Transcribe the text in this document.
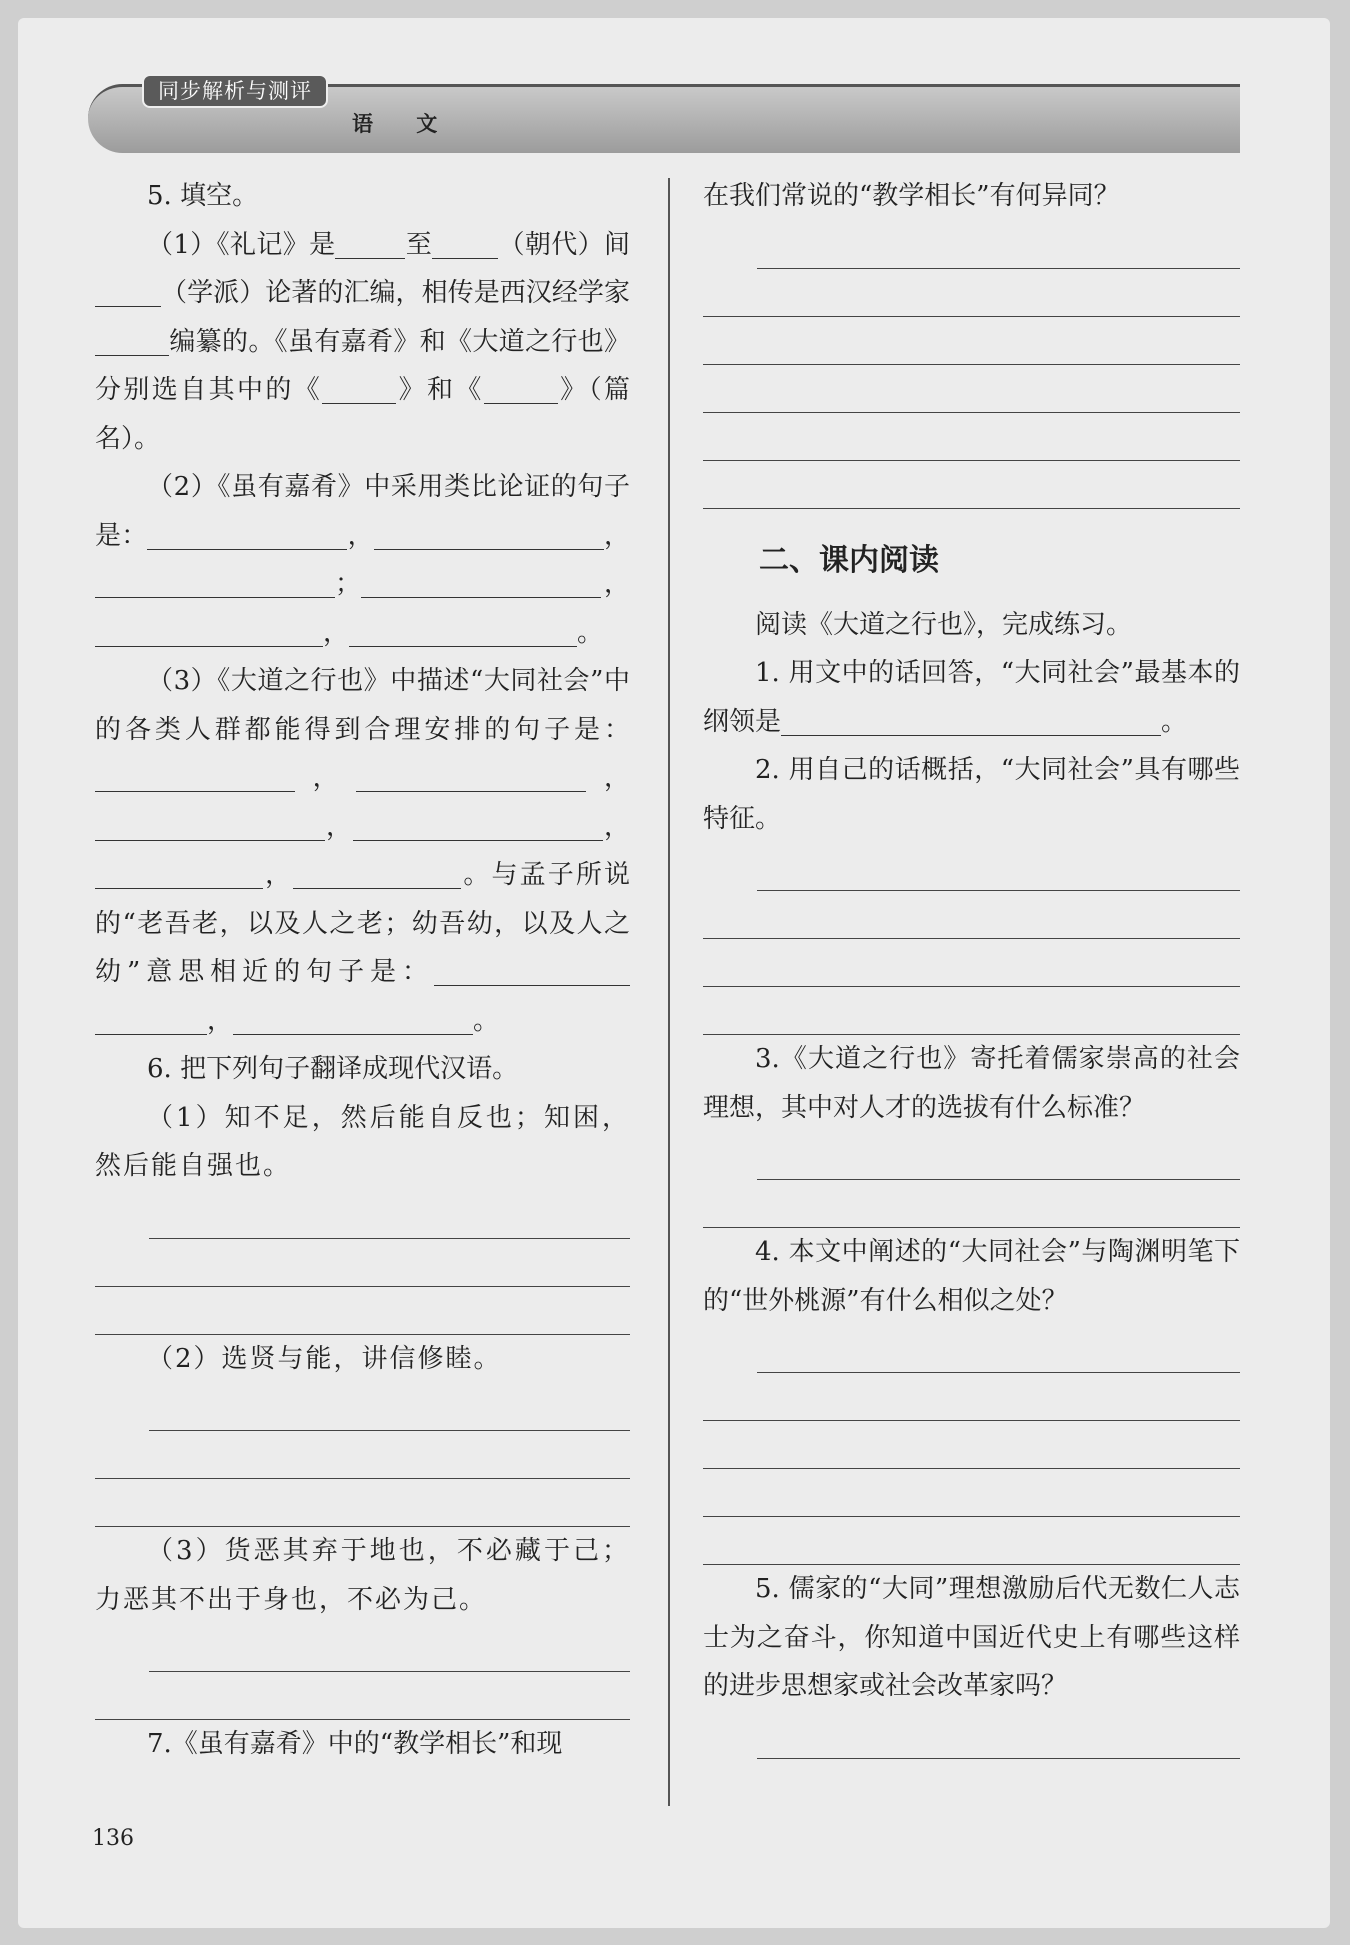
同步解析与测评
语 文

5. 填空。

（1）《礼记》是	至	（朝代）间（学派）论著的汇编，相传是西汉经学家编纂的。《虽有嘉肴》和《大道之行也》分别选自其中的《	》和《	》（篇名）。

（2）《虽有嘉肴》中采用类比论证的句子是：	，	， ；	， ，	。

（3）《大道之行也》中描述“大同社会”中的各类人群都能得到合理安排的句子是：，	， ，	， ，	。与孟子所说的“老吾老，以及人之老；幼吾幼，以及人之幼”意思相近的句子是： ，	。

6. 把下列句子翻译成现代汉语。

（1）知不足，然后能自反也；知困，然后能自强也。

（2）选贤与能，讲信修睦。

（3）货恶其弃于地也，不必藏于己；力恶其不出于身也，不必为己。

7.《虽有嘉肴》中的“教学相长”和现

在我们常说的“教学相长”有何异同？

二、课内阅读

阅读《大道之行也》，完成练习。

1. 用文中的话回答，“大同社会”最基本的纲领是	。

2. 用自己的话概括，“大同社会”具有哪些特征。

3.《大道之行也》寄托着儒家崇高的社会理想，其中对人才的选拔有什么标准？

4. 本文中阐述的“大同社会”与陶渊明笔下的“世外桃源”有什么相似之处？

5. 儒家的“大同”理想激励后代无数仁人志士为之奋斗，你知道中国近代史上有哪些这样的进步思想家或社会改革家吗？

136
